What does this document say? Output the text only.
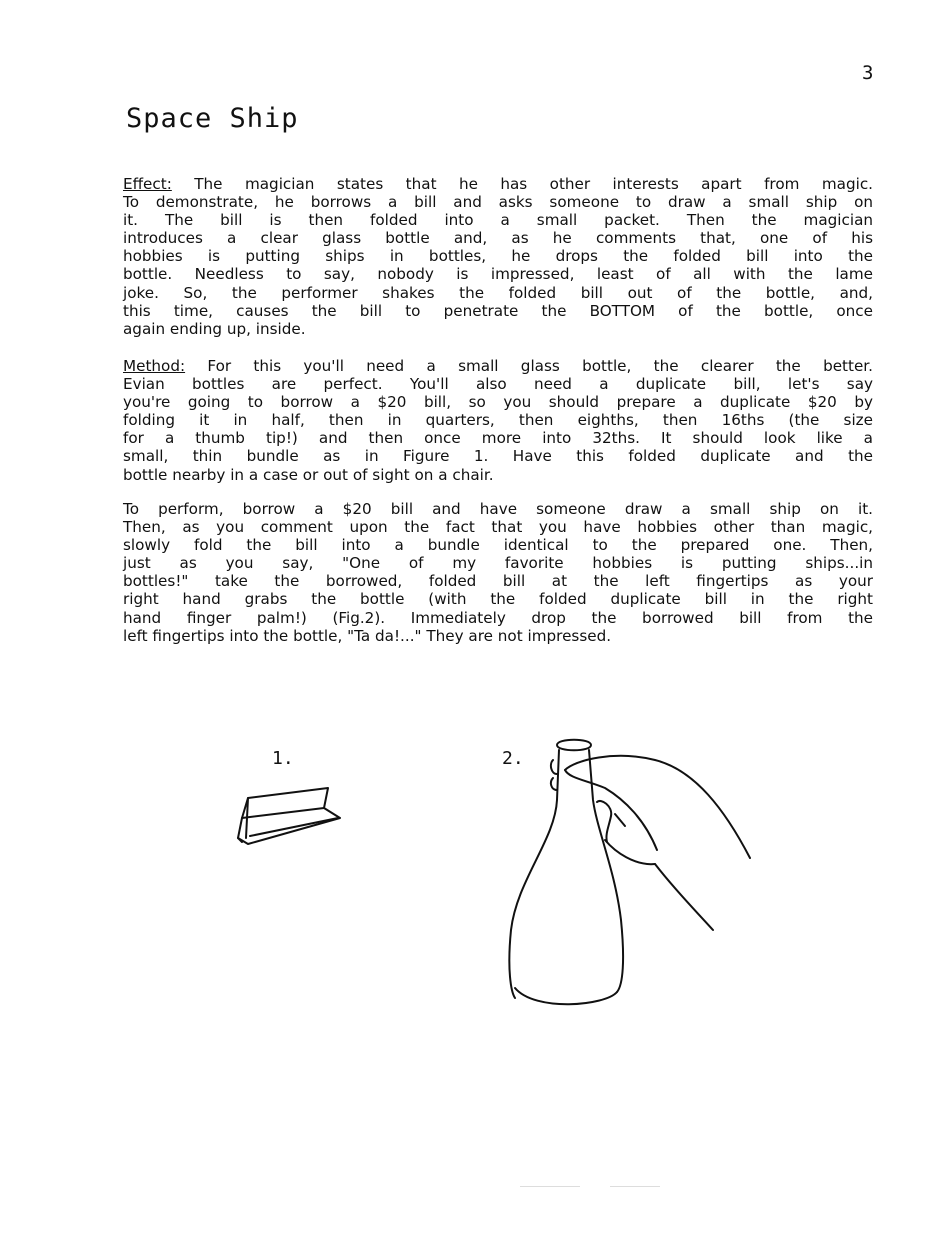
3
Space Ship
Effect: The magician states that he has other interests apart from magic.
To demonstrate, he borrows a bill and asks someone to draw a small ship on
it. The bill is then folded into a small packet. Then the magician
introduces a clear glass bottle and, as he comments that, one of his
hobbies is putting ships in bottles, he drops the folded bill into the
bottle. Needless to say, nobody is impressed, least of all with the lame
joke. So, the performer shakes the folded bill out of the bottle, and,
this time, causes the bill to penetrate the BOTTOM of the bottle, once
again ending up, inside.
Method: For this you'll need a small glass bottle, the clearer the better.
Evian bottles are perfect. You'll also need a duplicate bill, let's say
you're going to borrow a $20 bill, so you should prepare a duplicate $20 by
folding it in half, then in quarters, then eighths, then 16ths (the size
for a thumb tip!) and then once more into 32ths. It should look like a
small, thin bundle as in Figure 1. Have this folded duplicate and the
bottle nearby in a case or out of sight on a chair.
To perform, borrow a $20 bill and have someone draw a small ship on it.
Then, as you comment upon the fact that you have hobbies other than magic,
slowly fold the bill into a bundle identical to the prepared one. Then,
just as you say, "One of my favorite hobbies is putting ships...in
bottles!" take the borrowed, folded bill at the left fingertips as your
right hand grabs the bottle (with the folded duplicate bill in the right
hand finger palm!) (Fig.2). Immediately drop the borrowed bill from the
left fingertips into the bottle, "Ta da!..." They are not impressed.
1.	2.
